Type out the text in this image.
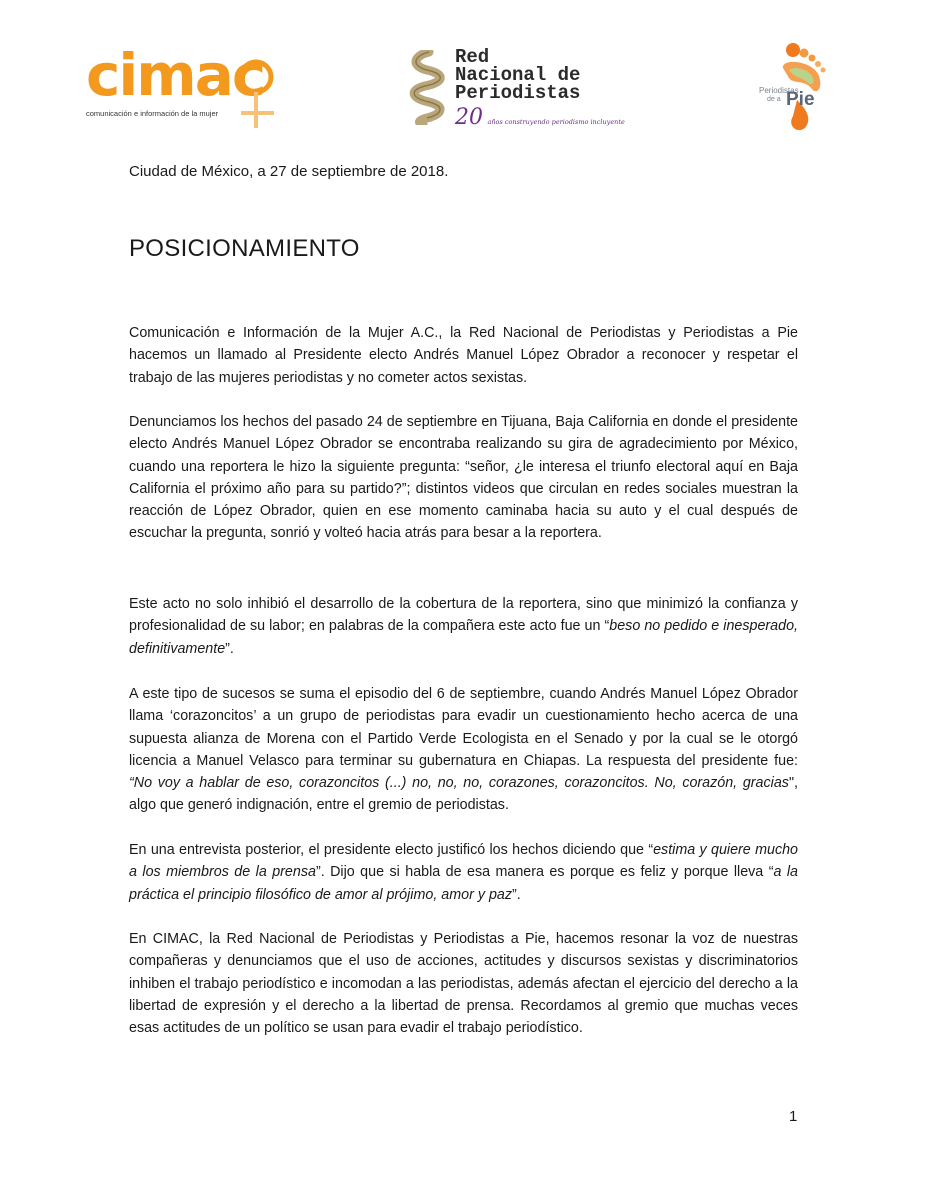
cimac
comunicación e información de la mujer
Red
Nacional de
Periodistas
20 años construyendo periodismo incluyente
Periodistas
de a Pie
Ciudad de México, a 27 de septiembre de 2018.
POSICIONAMIENTO

Comunicación e Información de la Mujer A.C., la Red Nacional de Periodistas y Periodistas a Pie hacemos un llamado al Presidente electo Andrés Manuel López Obrador a reconocer y respetar el trabajo de las mujeres periodistas y no cometer actos sexistas.

Denunciamos los hechos del pasado 24 de septiembre en Tijuana, Baja California en donde el presidente electo Andrés Manuel López Obrador se encontraba realizando su gira de agradecimiento por México, cuando una reportera le hizo la siguiente pregunta: “señor, ¿le interesa el triunfo electoral aquí en Baja California el próximo año para su partido?”; distintos videos que circulan en redes sociales muestran la reacción de López Obrador, quien en ese momento caminaba hacia su auto y el cual después de escuchar la pregunta, sonrió y volteó hacia atrás para besar a la reportera.

Este acto no solo inhibió el desarrollo de la cobertura de la reportera, sino que minimizó la confianza y profesionalidad de su labor; en palabras de la compañera este acto fue un “beso no pedido e inesperado, definitivamente”.

A este tipo de sucesos se suma el episodio del 6 de septiembre, cuando Andrés Manuel López Obrador llama ‘corazoncitos’ a un grupo de periodistas para evadir un cuestionamiento hecho acerca de una supuesta alianza de Morena con el Partido Verde Ecologista en el Senado y por la cual se le otorgó licencia a Manuel Velasco para terminar su gubernatura en Chiapas. La respuesta del presidente fue: “No voy a hablar de eso, corazoncitos (...) no, no, no, corazones, corazoncitos. No, corazón, gracias", algo que generó indignación, entre el gremio de periodistas.

En una entrevista posterior, el presidente electo justificó los hechos diciendo que “estima y quiere mucho a los miembros de la prensa”. Dijo que si habla de esa manera es porque es feliz y porque lleva “a la práctica el principio filosófico de amor al prójimo, amor y paz”.

En CIMAC, la Red Nacional de Periodistas y Periodistas a Pie, hacemos resonar la voz de nuestras compañeras y denunciamos que el uso de acciones, actitudes y discursos sexistas y discriminatorios inhiben el trabajo periodístico e incomodan a las periodistas, además afectan el ejercicio del derecho a la libertad de expresión y el derecho a la libertad de prensa. Recordamos al gremio que muchas veces esas actitudes de un político se usan para evadir el trabajo periodístico.

1
